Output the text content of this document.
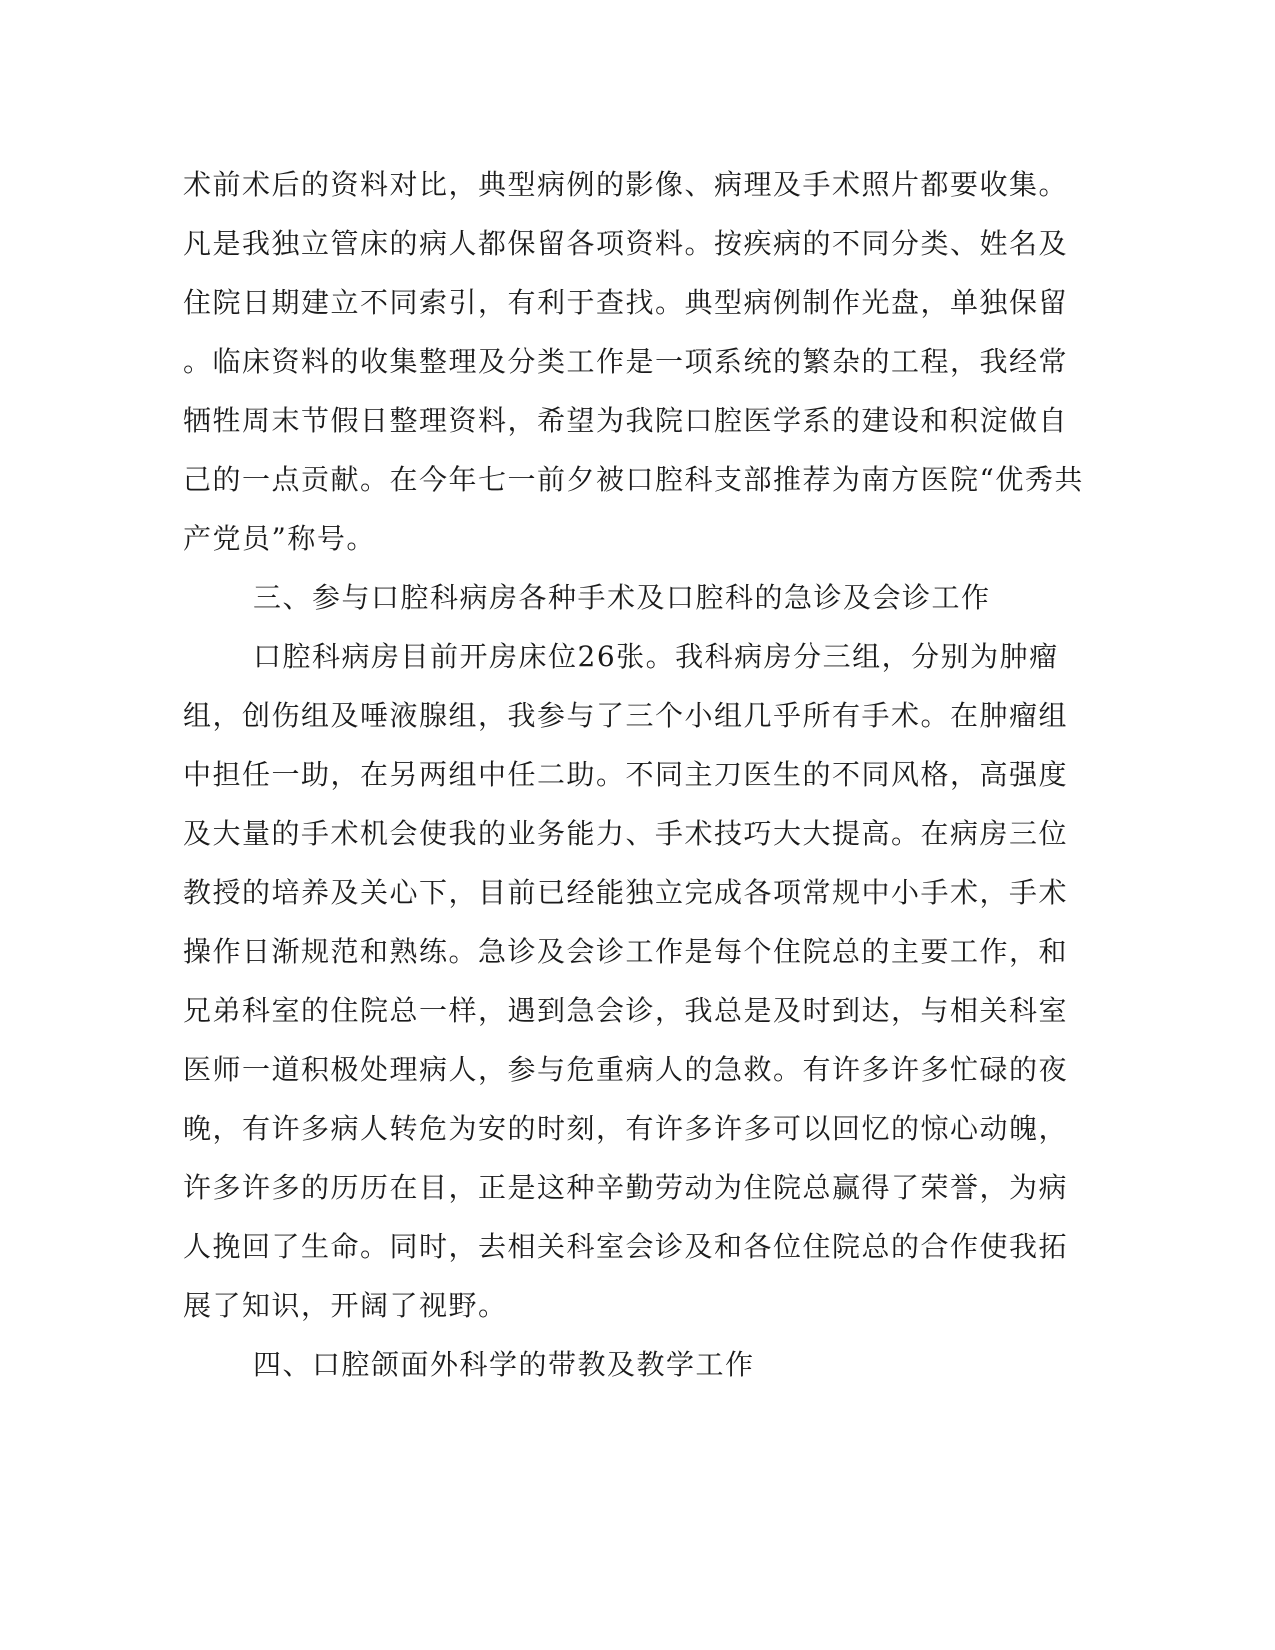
术前术后的资料对比，典型病例的影像、病理及手术照片都要收集。
凡是我独立管床的病人都保留各项资料。按疾病的不同分类、姓名及
住院日期建立不同索引，有利于查找。典型病例制作光盘，单独保留
。临床资料的收集整理及分类工作是一项系统的繁杂的工程，我经常
牺牲周末节假日整理资料，希望为我院口腔医学系的建设和积淀做自
己的一点贡献。在今年七一前夕被口腔科支部推荐为南方医院“优秀共
产党员”称号。
三、参与口腔科病房各种手术及口腔科的急诊及会诊工作
口腔科病房目前开房床位26张。我科病房分三组，分别为肿瘤
组，创伤组及唾液腺组，我参与了三个小组几乎所有手术。在肿瘤组
中担任一助，在另两组中任二助。不同主刀医生的不同风格，高强度
及大量的手术机会使我的业务能力、手术技巧大大提高。在病房三位
教授的培养及关心下，目前已经能独立完成各项常规中小手术，手术
操作日渐规范和熟练。急诊及会诊工作是每个住院总的主要工作，和
兄弟科室的住院总一样，遇到急会诊，我总是及时到达，与相关科室
医师一道积极处理病人，参与危重病人的急救。有许多许多忙碌的夜
晚，有许多病人转危为安的时刻，有许多许多可以回忆的惊心动魄，
许多许多的历历在目，正是这种辛勤劳动为住院总赢得了荣誉，为病
人挽回了生命。同时，去相关科室会诊及和各位住院总的合作使我拓
展了知识，开阔了视野。
四、口腔颌面外科学的带教及教学工作
